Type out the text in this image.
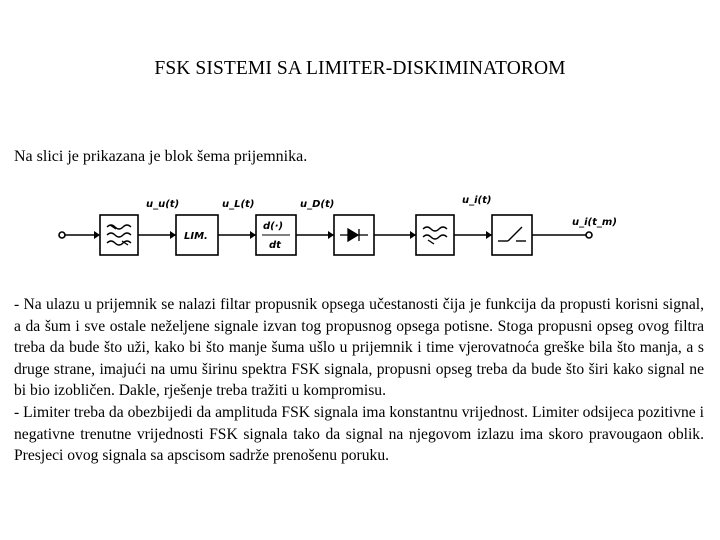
FSK SISTEMI SA LIMITER-DISKIMINATOROM
Na slici je prikazana je blok šema prijemnika.
LIM.
d(·)
dt
u_u(t)	u_L(t)	u_D(t)	u_i(t)
u_i(t_m)

- Na ulazu u prijemnik se nalazi filtar propusnik opsega učestanosti čija je funkcija da propusti korisni signal, a da šum i sve ostale neželjene signale izvan tog propusnog opsega potisne. Stoga propusni opseg ovog filtra treba da bude što uži, kako bi što manje šuma ušlo u prijemnik i time vjerovatnoća greške bila što manja, a s druge strane, imajući na umu širinu spektra FSK signala, propusni opseg treba da bude što širi kako signal ne bi bio izobličen. Dakle, rješenje treba tražiti u kompromisu.

- Limiter treba da obezbijedi da amplituda FSK signala ima konstantnu vrijednost. Limiter odsijeca pozitivne i negativne trenutne vrijednosti FSK signala tako da signal na njegovom izlazu ima skoro pravougaon oblik. Presjeci ovog signala sa apscisom sadrže prenošenu poruku.
